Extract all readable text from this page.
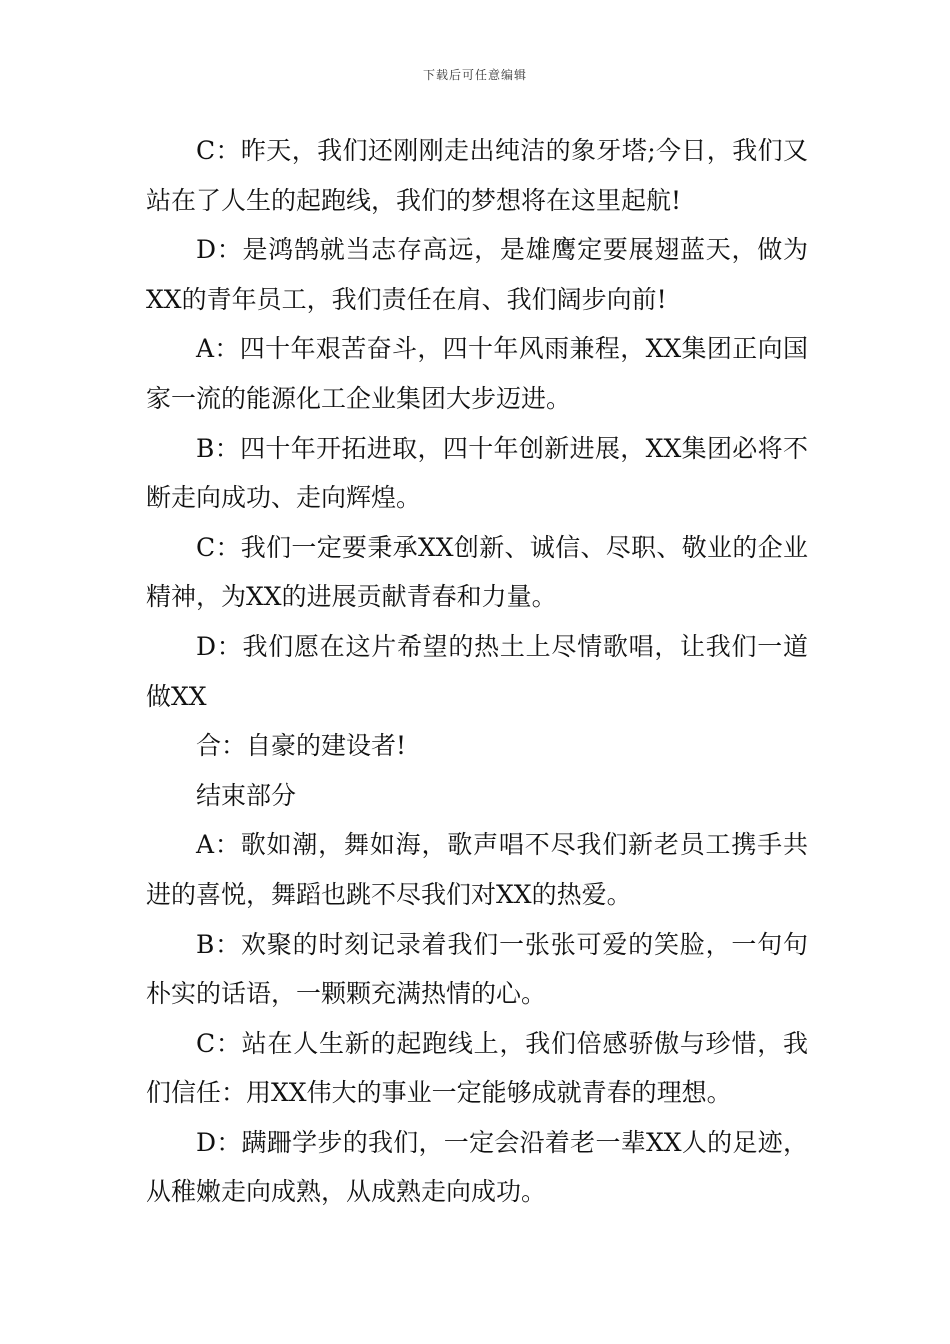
下载后可任意编辑

C：昨天，我们还刚刚走出纯洁的象牙塔;今日，我们又站在了人生的起跑线，我们的梦想将在这里起航!

D：是鸿鹄就当志存高远，是雄鹰定要展翅蓝天，做为XX的青年员工，我们责任在肩、我们阔步向前!

A：四十年艰苦奋斗，四十年风雨兼程，XX集团正向国家一流的能源化工企业集团大步迈进。

B：四十年开拓进取，四十年创新进展，XX集团必将不断走向成功、走向辉煌。

C：我们一定要秉承XX创新、诚信、尽职、敬业的企业精神，为XX的进展贡献青春和力量。

D：我们愿在这片希望的热土上尽情歌唱，让我们一道做XX

合：自豪的建设者!

结束部分

A：歌如潮，舞如海，歌声唱不尽我们新老员工携手共进的喜悦，舞蹈也跳不尽我们对XX的热爱。

B：欢聚的时刻记录着我们一张张可爱的笑脸，一句句朴实的话语，一颗颗充满热情的心。

C：站在人生新的起跑线上，我们倍感骄傲与珍惜，我们信任：用XX伟大的事业一定能够成就青春的理想。

D：蹒跚学步的我们，一定会沿着老一辈XX人的足迹，从稚嫩走向成熟，从成熟走向成功。
